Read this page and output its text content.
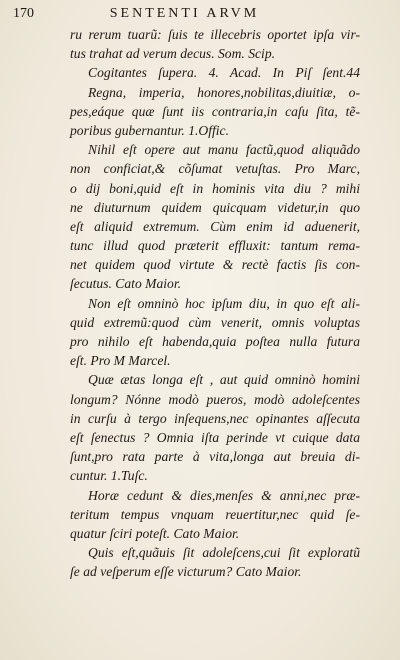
170	SENTENTI ARVM
ru rerum tuarũ: ſuis te illecebris oportet ipſa vir-
tus trahat ad verum decus. Som. Scip.
Cogitantes ſupera. 4. Acad. In Piſ ſent.44
Regna, imperia, honores,nobilitas,diuitiæ, o-
pes,eáque quæ ſunt iis contraria,in caſu ſita, tẽ-
poribus gubernantur. 1.Offic.
Nihil eſt opere aut manu factũ,quod aliquãdo
non conficiat,& cõſumat vetuſtas. Pro Marc,
o dij boni,quid eſt in hominis vita diu ? mihi
ne diuturnum quidem quicquam videtur,in quo
eſt aliquid extremum. Cùm enim id aduenerit,
tunc illud quod præterit effluxit: tantum rema-
net quidem quod virtute & rectè factis ſis con-
ſecutus. Cato Maior.
Non eſt omninò hoc ipſum diu, in quo eſt ali-
quid extremũ:quod cùm venerit, omnis voluptas
pro nihilo eſt habenda,quia poſtea nulla futura
eſt. Pro M Marcel.
Quæ ætas longa eſt , aut quid omninò homini
longum? Nónne modò pueros, modò adoleſcentes
in curſu à tergo inſequens,nec opinantes aſſecuta
eſt ſenectus ? Omnia iſta perinde vt cuique data
ſunt,pro rata parte à vita,longa aut breuia di-
cuntur. 1.Tuſc.
Horæ cedunt & dies,menſes & anni,nec præ-
teritum tempus vnquam reuertitur,nec quid ſe-
quatur ſciri poteſt. Cato Maior.
Quis eſt,quãuis ſit adoleſcens,cui ſit exploratũ
ſe ad veſperum eſſe victurum? Cato Maior.
